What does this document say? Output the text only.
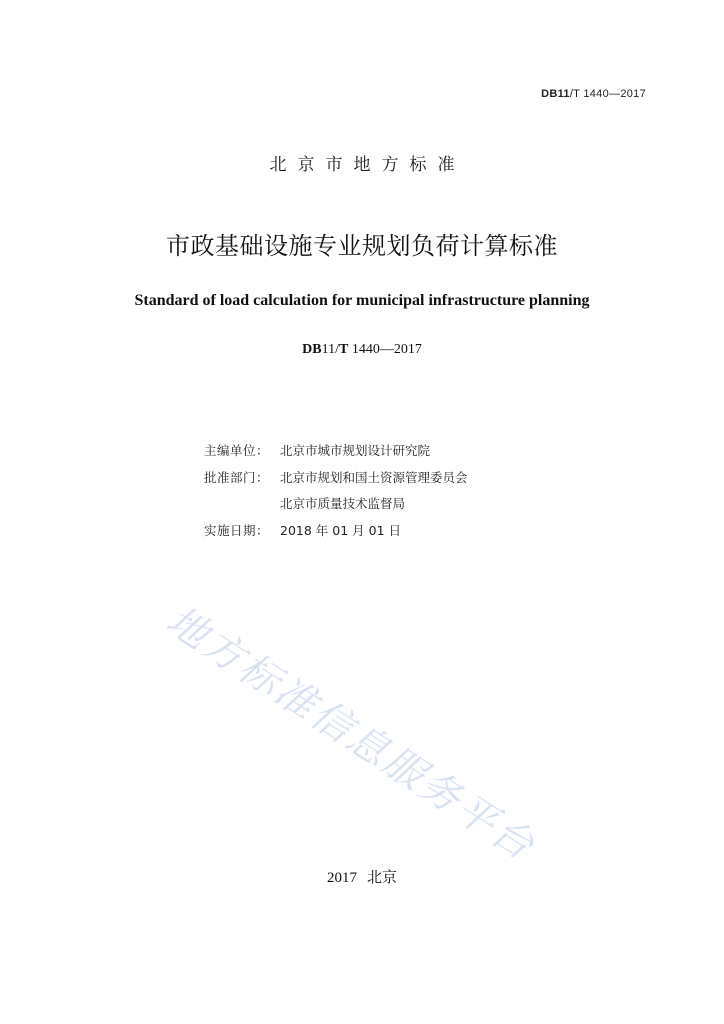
DB11/T 1440—2017
北京市地方标准
市政基础设施专业规划负荷计算标准
Standard of load calculation for municipal infrastructure planning
DB11/T 1440—2017
主编单位： 北京市城市规划设计研究院
批准部门： 北京市规划和国土资源管理委员会
北京市质量技术监督局
实施日期： 2018 年 01 月 01 日
地方标准信息服务平台
2017 北京
